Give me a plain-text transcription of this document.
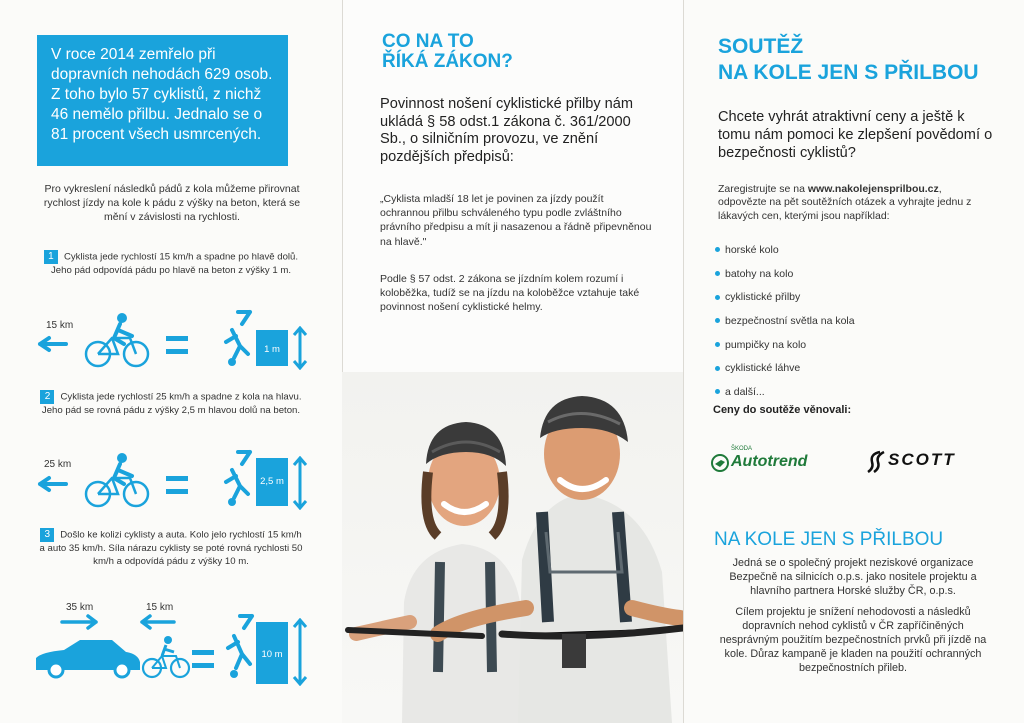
V roce 2014 zemřelo při dopravních nehodách 629 osob. Z toho bylo 57 cyklistů, z nichž 46 nemělo přilbu. Jednalo se o 81 procent všech usmrcených.

Pro vykreslení následků pádů z kola můžeme přirovnat rychlost jízdy na kole k pádu z výšky na beton, která se mění v závislosti na rychlosti.

1 Cyklista jede rychlostí 15 km/h a spadne po hlavě dolů. Jeho pád odpovídá pádu po hlavě na beton z výšky 1 m.
15 km
1 m
2 Cyklista jede rychlostí 25 km/h a spadne z kola na hlavu. Jeho pád se rovná pádu z výšky 2,5 m hlavou dolů na beton.
25 km
2,5 m
3 Došlo ke kolizi cyklisty a auta. Kolo jelo rychlostí 15 km/h a auto 35 km/h. Síla nárazu cyklisty se poté rovná rychlosti 50 km/h a odpovídá pádu z výšky 10 m.
35 km	15 km
10 m
CO NA TO
ŘÍKÁ ZÁKON?

Povinnost nošení cyklistické přilby nám ukládá § 58 odst.1 zákona č. 361/2000 Sb., o silničním provozu, ve znění pozdějších předpisů:

„Cyklista mladší 18 let je povinen za jízdy použít ochrannou přilbu schváleného typu podle zvláštního právního předpisu a mít ji nasazenou a řádně připevněnou na hlavě."

Podle § 57 odst. 2 zákona se jízdním kolem rozumí i koloběžka, tudíž se na jízdu na koloběžce vztahuje také povinnost nošení cyklistické helmy.

SOUTĚŽ
NA KOLE JEN S PŘILBOU

Chcete vyhrát atraktivní ceny a ještě k tomu nám pomoci ke zlepšení povědomí o bezpečnosti cyklistů?

Zaregistrujte se na www.nakolejensprilbou.cz, odpovězte na pět soutěžních otázek a vyhrajte jednu z lákavých cen, kterými jsou například:

horské kolo
batohy na kolo
cyklistické přilby
bezpečnostní světla na kola
pumpičky na kolo
cyklistické láhve
a další...

Ceny do soutěže věnovali:

ŠKODA
Autotrend	SCOTT
NA KOLE JEN S PŘILBOU

Jedná se o společný projekt neziskové organizace Bezpečně na silnicích o.p.s. jako nositele projektu a hlavního partnera Horské služby ČR, o.p.s.

Cílem projektu je snížení nehodovosti a následků dopravních nehod cyklistů v ČR zapříčiněných nesprávným použitím bezpečnostních prvků při jízdě na kole. Důraz kampaně je kladen na použití ochranných bezpečnostních přileb.
